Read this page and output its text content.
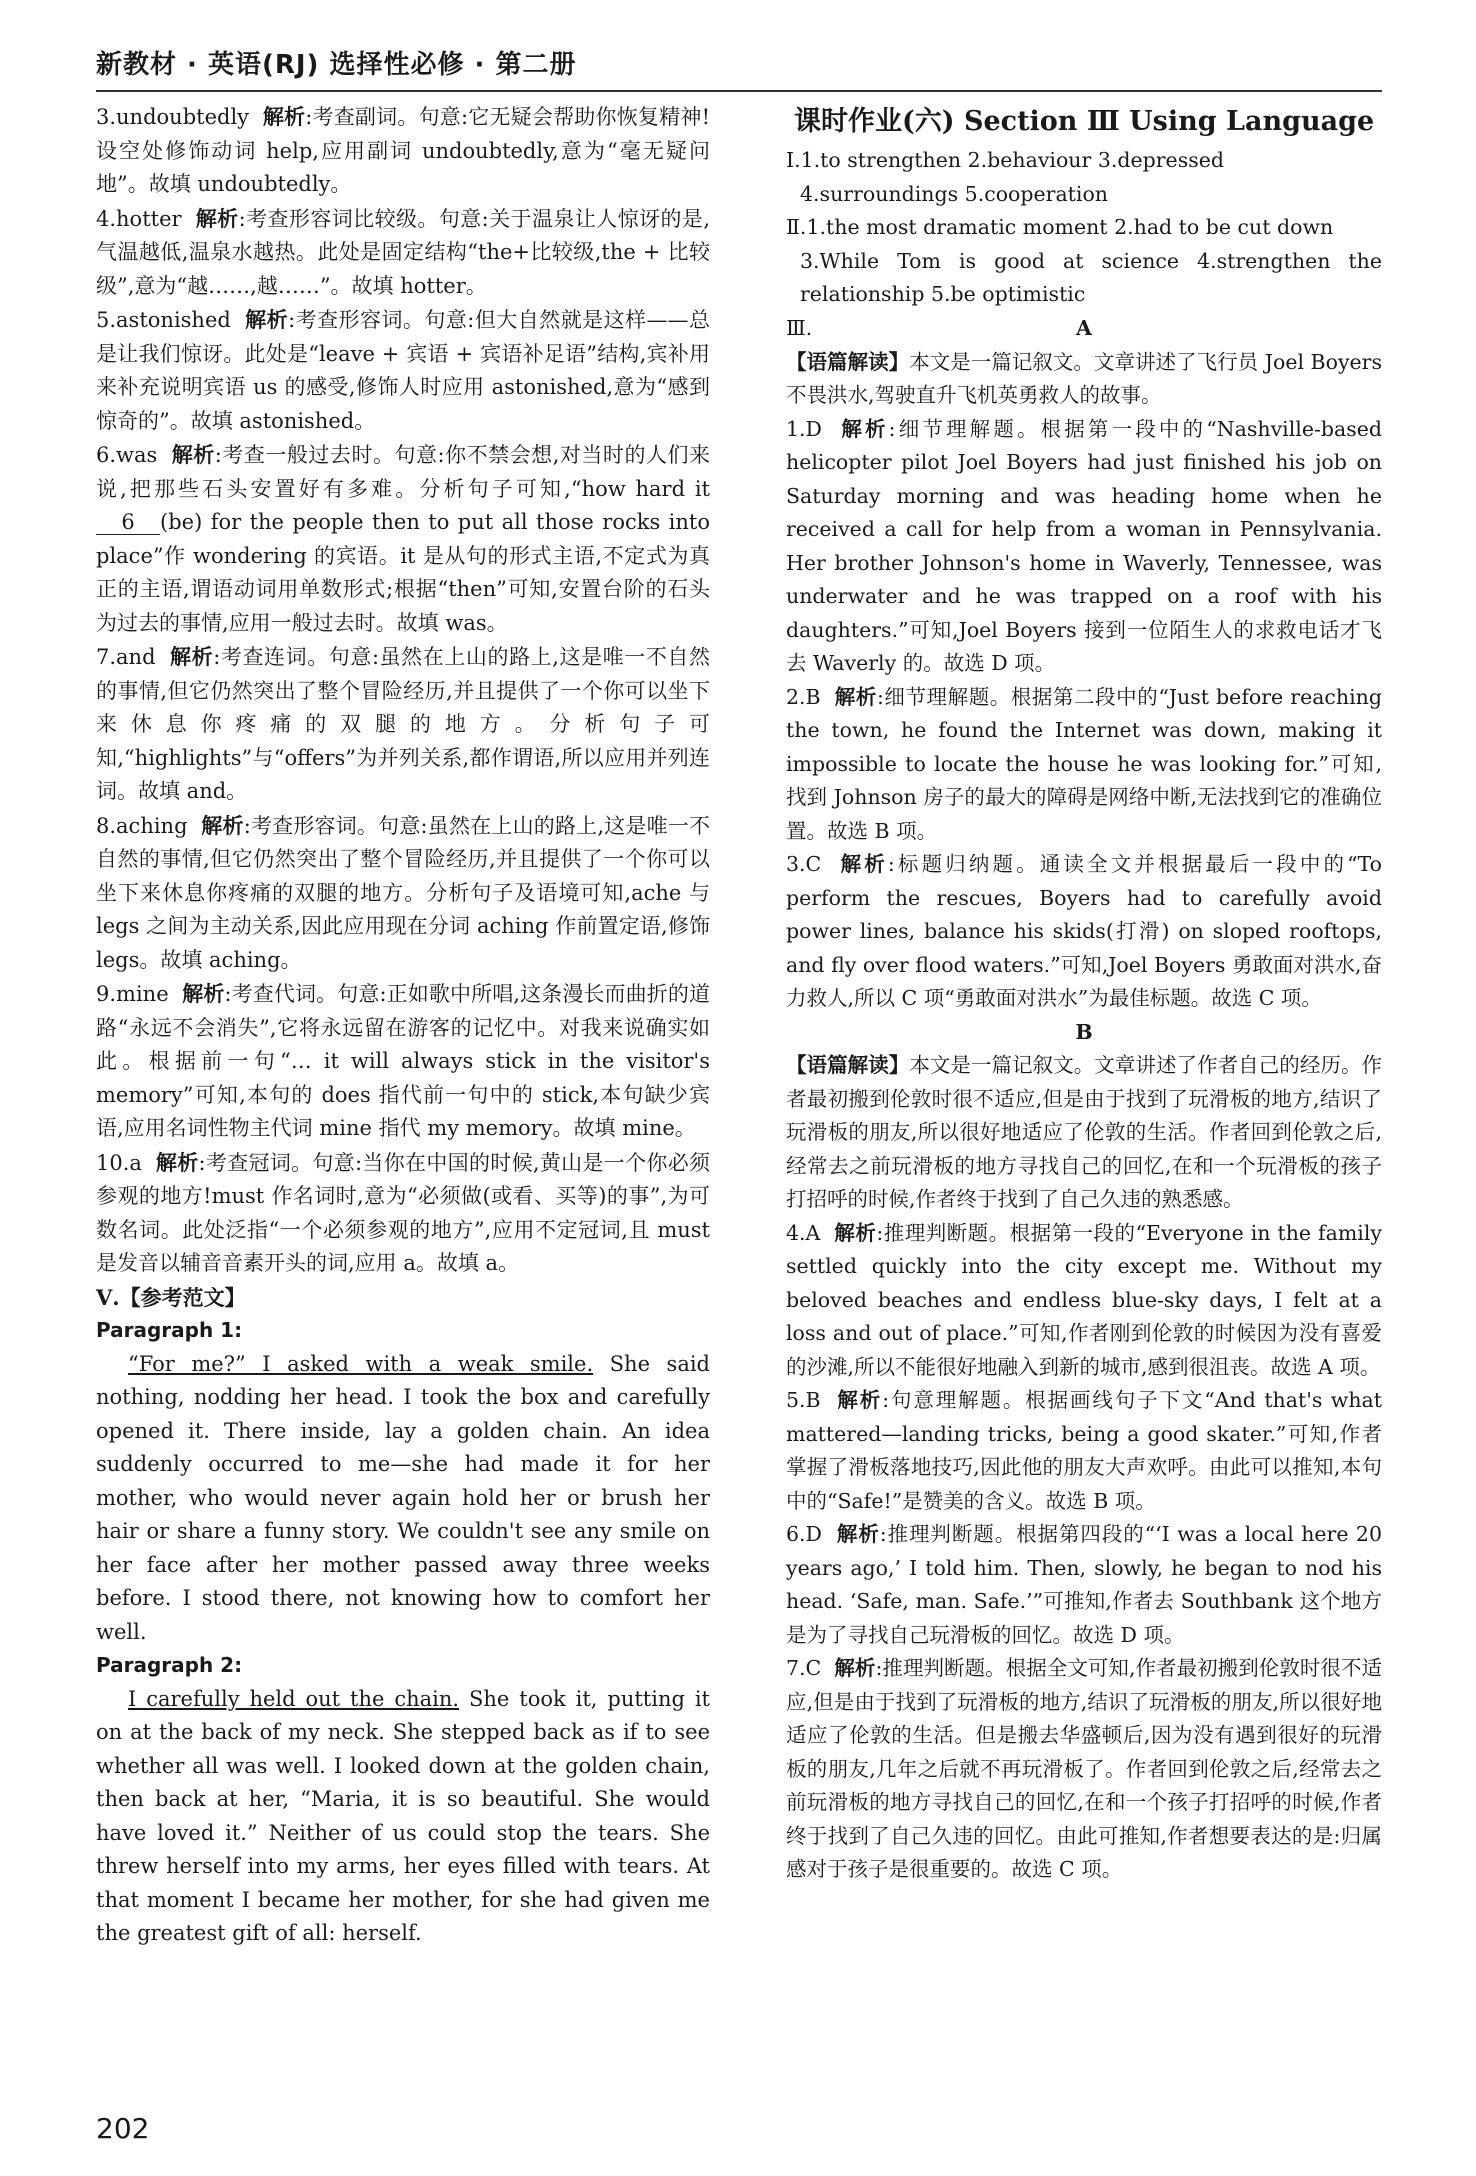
新教材 · 英语(RJ) 选择性必修 · 第二册

3.undoubtedly 解析:考查副词。句意:它无疑会帮助你恢复精神!设空处修饰动词 help,应用副词 undoubtedly,意为“毫无疑问地”。故填 undoubtedly。

4.hotter 解析:考查形容词比较级。句意:关于温泉让人惊讶的是,气温越低,温泉水越热。此处是固定结构“the+比较级,the + 比较级”,意为“越……,越……”。故填 hotter。

5.astonished 解析:考查形容词。句意:但大自然就是这样——总是让我们惊讶。此处是“leave + 宾语 + 宾语补足语”结构,宾补用来补充说明宾语 us 的感受,修饰人时应用 astonished,意为“感到惊奇的”。故填 astonished。

6.was 解析:考查一般过去时。句意:你不禁会想,对当时的人们来说,把那些石头安置好有多难。分析句子可知,“how hard it 6 (be) for the people then to put all those rocks into place”作 wondering 的宾语。it 是从句的形式主语,不定式为真正的主语,谓语动词用单数形式;根据“then”可知,安置台阶的石头为过去的事情,应用一般过去时。故填 was。

7.and 解析:考查连词。句意:虽然在上山的路上,这是唯一不自然的事情,但它仍然突出了整个冒险经历,并且提供了一个你可以坐下来休息你疼痛的双腿的地方。分析句子可知,“highlights”与“offers”为并列关系,都作谓语,所以应用并列连词。故填 and。

8.aching 解析:考查形容词。句意:虽然在上山的路上,这是唯一不自然的事情,但它仍然突出了整个冒险经历,并且提供了一个你可以坐下来休息你疼痛的双腿的地方。分析句子及语境可知,ache 与 legs 之间为主动关系,因此应用现在分词 aching 作前置定语,修饰 legs。故填 aching。

9.mine 解析:考查代词。句意:正如歌中所唱,这条漫长而曲折的道路“永远不会消失”,它将永远留在游客的记忆中。对我来说确实如此。根据前一句“… it will always stick in the visitor's memory”可知,本句的 does 指代前一句中的 stick,本句缺少宾语,应用名词性物主代词 mine 指代 my memory。故填 mine。

10.a 解析:考查冠词。句意:当你在中国的时候,黄山是一个你必须参观的地方!must 作名词时,意为“必须做(或看、买等)的事”,为可数名词。此处泛指“一个必须参观的地方”,应用不定冠词,且 must 是发音以辅音音素开头的词,应用 a。故填 a。

Ⅴ.【参考范文】

Paragraph 1:

“For me?” I asked with a weak smile. She said nothing, nodding her head. I took the box and carefully opened it. There inside, lay a golden chain. An idea suddenly occurred to me—she had made it for her mother, who would never again hold her or brush her hair or share a funny story. We couldn't see any smile on her face after her mother passed away three weeks before. I stood there, not knowing how to comfort her well.

Paragraph 2:

I carefully held out the chain. She took it, putting it on at the back of my neck. She stepped back as if to see whether all was well. I looked down at the golden chain, then back at her, “Maria, it is so beautiful. She would have loved it.” Neither of us could stop the tears. She threw herself into my arms, her eyes filled with tears. At that moment I became her mother, for she had given me the greatest gift of all: herself.

课时作业(六) Section Ⅲ Using Language

Ⅰ.1.to strengthen 2.behaviour 3.depressed

4.surroundings 5.cooperation

Ⅱ.1.the most dramatic moment 2.had to be cut down

3.While Tom is good at science 4.strengthen the relationship 5.be optimistic

Ⅲ.	A

【语篇解读】本文是一篇记叙文。文章讲述了飞行员 Joel Boyers 不畏洪水,驾驶直升飞机英勇救人的故事。

1.D 解析:细节理解题。根据第一段中的“Nashville-based helicopter pilot Joel Boyers had just finished his job on Saturday morning and was heading home when he received a call for help from a woman in Pennsylvania. Her brother Johnson's home in Waverly, Tennessee, was underwater and he was trapped on a roof with his daughters.”可知,Joel Boyers 接到一位陌生人的求救电话才飞去 Waverly 的。故选 D 项。

2.B 解析:细节理解题。根据第二段中的“Just before reaching the town, he found the Internet was down, making it impossible to locate the house he was looking for.”可知,找到 Johnson 房子的最大的障碍是网络中断,无法找到它的准确位置。故选 B 项。

3.C 解析:标题归纳题。通读全文并根据最后一段中的“To perform the rescues, Boyers had to carefully avoid power lines, balance his skids(打滑) on sloped rooftops, and fly over flood waters.”可知,Joel Boyers 勇敢面对洪水,奋力救人,所以 C 项“勇敢面对洪水”为最佳标题。故选 C 项。

B

【语篇解读】本文是一篇记叙文。文章讲述了作者自己的经历。作者最初搬到伦敦时很不适应,但是由于找到了玩滑板的地方,结识了玩滑板的朋友,所以很好地适应了伦敦的生活。作者回到伦敦之后,经常去之前玩滑板的地方寻找自己的回忆,在和一个玩滑板的孩子打招呼的时候,作者终于找到了自己久违的熟悉感。

4.A 解析:推理判断题。根据第一段的“Everyone in the family settled quickly into the city except me. Without my beloved beaches and endless blue-sky days, I felt at a loss and out of place.”可知,作者刚到伦敦的时候因为没有喜爱的沙滩,所以不能很好地融入到新的城市,感到很沮丧。故选 A 项。

5.B 解析:句意理解题。根据画线句子下文“And that's what mattered—landing tricks, being a good skater.”可知,作者掌握了滑板落地技巧,因此他的朋友大声欢呼。由此可以推知,本句中的“Safe!”是赞美的含义。故选 B 项。

6.D 解析:推理判断题。根据第四段的“‘I was a local here 20 years ago,’ I told him. Then, slowly, he began to nod his head. ‘Safe, man. Safe.’”可推知,作者去 Southbank 这个地方是为了寻找自己玩滑板的回忆。故选 D 项。

7.C 解析:推理判断题。根据全文可知,作者最初搬到伦敦时很不适应,但是由于找到了玩滑板的地方,结识了玩滑板的朋友,所以很好地适应了伦敦的生活。但是搬去华盛顿后,因为没有遇到很好的玩滑板的朋友,几年之后就不再玩滑板了。作者回到伦敦之后,经常去之前玩滑板的地方寻找自己的回忆,在和一个孩子打招呼的时候,作者终于找到了自己久违的回忆。由此可推知,作者想要表达的是:归属感对于孩子是很重要的。故选 C 项。

202
